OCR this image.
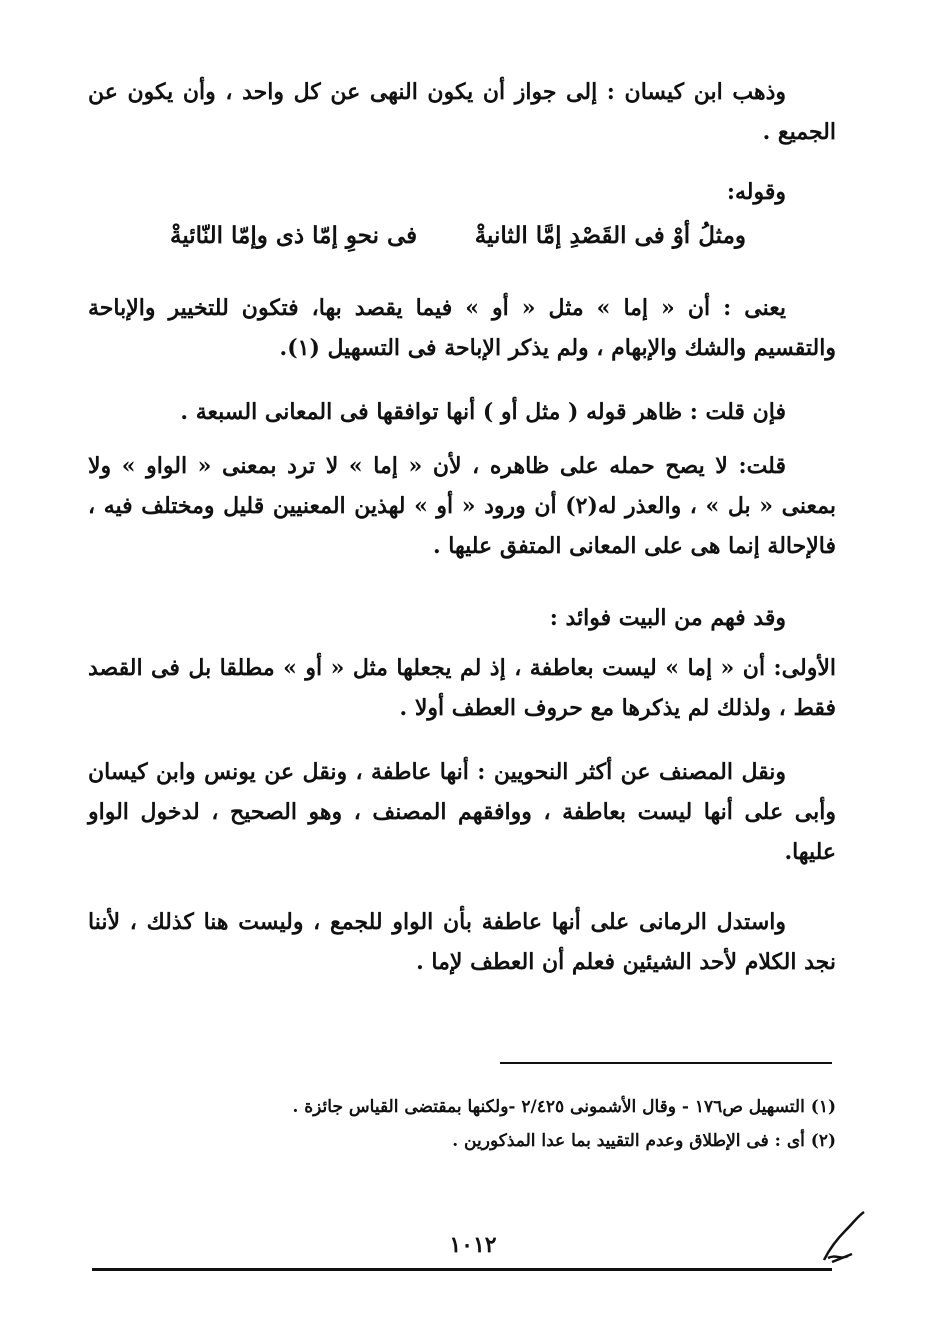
وذهب ابن كيسان : إلى جواز أن يكون النهى عن كل واحد ، وأن يكون عن الجميع .

وقوله:

ومثلُ أوْ فى القَصْدِ إمَّا الثانيةْ
فى نحوِ إمّا ذى وإمّا النّائيةْ

يعنى : أن « إما » مثل « أو » فيما يقصد بها، فتكون للتخيير والإباحة والتقسيم والشك والإبهام ، ولم يذكر الإباحة فى التسهيل (١).

فإن قلت : ظاهر قوله ( مثل أو ) أنها توافقها فى المعانى السبعة .

قلت: لا يصح حمله على ظاهره ، لأن « إما » لا ترد بمعنى « الواو » ولا بمعنى « بل » ، والعذر له(٢) أن ورود « أو » لهذين المعنيين قليل ومختلف فيه ، فالإحالة إنما هى على المعانى المتفق عليها .

وقد فهم من البيت فوائد :

الأولى: أن « إما » ليست بعاطفة ، إذ لم يجعلها مثل « أو » مطلقا بل فى القصد فقط ، ولذلك لم يذكرها مع حروف العطف أولا .

ونقل المصنف عن أكثر النحويين : أنها عاطفة ، ونقل عن يونس وابن كيسان وأبى على أنها ليست بعاطفة ، ووافقهم المصنف ، وهو الصحيح ، لدخول الواو عليها.

واستدل الرمانى على أنها عاطفة بأن الواو للجمع ، وليست هنا كذلك ، لأننا نجد الكلام لأحد الشيئين فعلم أن العطف لإما .

(١) التسهيل ص١٧٦ - وقال الأشمونى ٢/٤٢٥ -ولكنها بمقتضى القياس جائزة .

(٢) أى : فى الإطلاق وعدم التقييد بما عدا المذكورين .

١٠١٢
